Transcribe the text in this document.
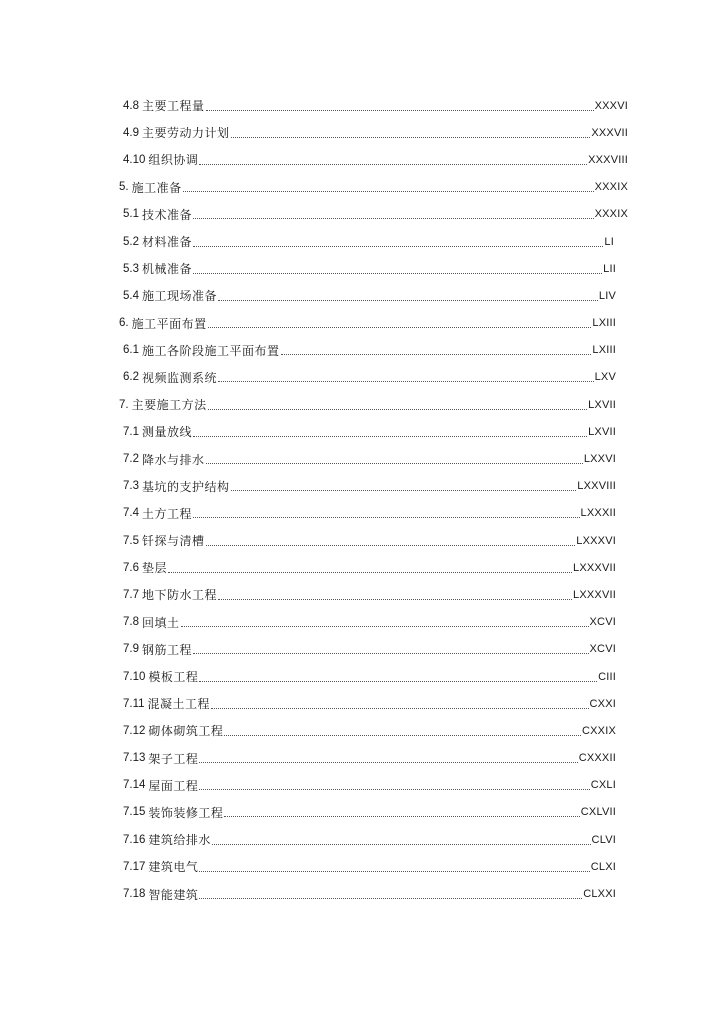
4.8 主要工程量	XXXVI
4.9 主要劳动力计划	XXXVII
4.10 组织协调	XXXVIII
5. 施工准备	XXXIX
5.1 技术准备	XXXIX
5.2 材料准备	LI
5.3 机械准备	LII
5.4 施工现场准备	LIV
6. 施工平面布置	LXIII
6.1 施工各阶段施工平面布置	LXIII
6.2 视频监测系统	LXV
7. 主要施工方法	LXVII
7.1 测量放线	LXVII
7.2 降水与排水	LXXVI
7.3 基坑的支护结构	LXXVIII
7.4 土方工程	LXXXII
7.5 钎探与清槽	LXXXVI
7.6 垫层	LXXXVII
7.7 地下防水工程	LXXXVII
7.8 回填土	XCVI
7.9 钢筋工程	XCVI
7.10 模板工程	CIII
7.11 混凝土工程	CXXI
7.12 砌体砌筑工程	CXXIX
7.13 架子工程	CXXXII
7.14 屋面工程	CXLI
7.15 装饰装修工程	CXLVII
7.16 建筑给排水	CLVI
7.17 建筑电气	CLXI
7.18 智能建筑	CLXXI
